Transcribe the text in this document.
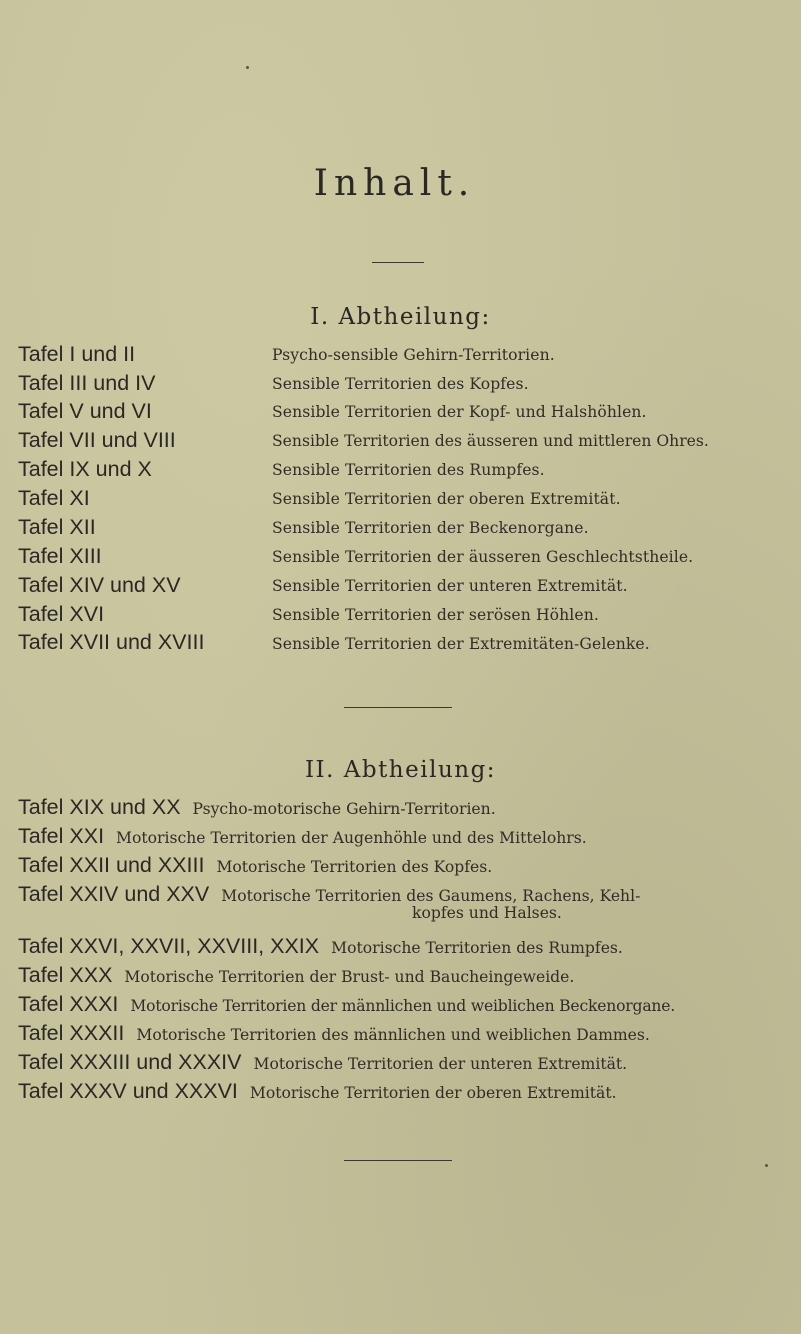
Inhalt.
I. Abtheilung:
Tafel I und II	Psycho-sensible Gehirn-Territorien.
Tafel III und IV	Sensible Territorien des Kopfes.
Tafel V und VI	Sensible Territorien der Kopf- und Halshöhlen.
Tafel VII und VIII	Sensible Territorien des äusseren und mittleren Ohres.
Tafel IX und X	Sensible Territorien des Rumpfes.
Tafel XI	Sensible Territorien der oberen Extremität.
Tafel XII	Sensible Territorien der Beckenorgane.
Tafel XIII	Sensible Territorien der äusseren Geschlechtstheile.
Tafel XIV und XV	Sensible Territorien der unteren Extremität.
Tafel XVI	Sensible Territorien der serösen Höhlen.
Tafel XVII und XVIII	Sensible Territorien der Extremitäten-Gelenke.
II. Abtheilung:
Tafel XIX und XX Psycho-motorische Gehirn-Territorien.
Tafel XXI Motorische Territorien der Augenhöhle und des Mittelohrs.
Tafel XXII und XXIII Motorische Territorien des Kopfes.
Tafel XXIV und XXV Motorische Territorien des Gaumens, Rachens, Kehl-
kopfes und Halses.
Tafel XXVI, XXVII, XXVIII, XXIX Motorische Territorien des Rumpfes.
Tafel XXX Motorische Territorien der Brust- und Baucheingeweide.
Tafel XXXI Motorische Territorien der männlichen und weiblichen Beckenorgane.
Tafel XXXII Motorische Territorien des männlichen und weiblichen Dammes.
Tafel XXXIII und XXXIV Motorische Territorien der unteren Extremität.
Tafel XXXV und XXXVI Motorische Territorien der oberen Extremität.
